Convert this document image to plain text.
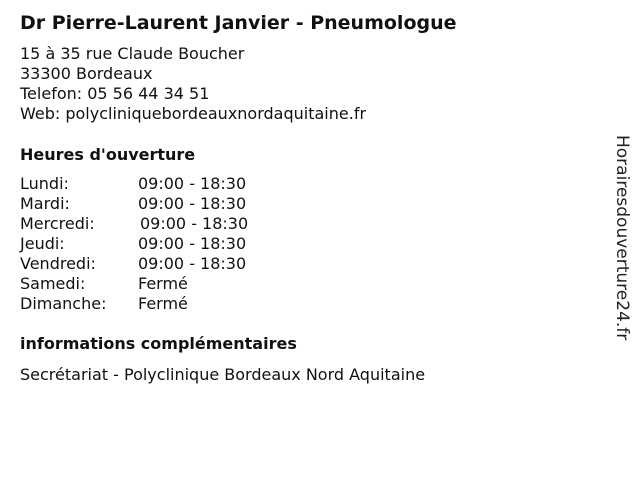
Dr Pierre-Laurent Janvier - Pneumologue
15 à 35 rue Claude Boucher
33300 Bordeaux
Telefon: 05 56 44 34 51
Web: polycliniquebordeauxnordaquitaine.fr
Heures d'ouverture
Lundi:	09:00 - 18:30
Mardi:	09:00 - 18:30
Mercredi:	09:00 - 18:30
Jeudi:	09:00 - 18:30
Vendredi:	09:00 - 18:30
Samedi:	Fermé
Dimanche: Fermé
informations complémentaires
Secrétariat - Polyclinique Bordeaux Nord Aquitaine
Horairesdouverture24.fr
